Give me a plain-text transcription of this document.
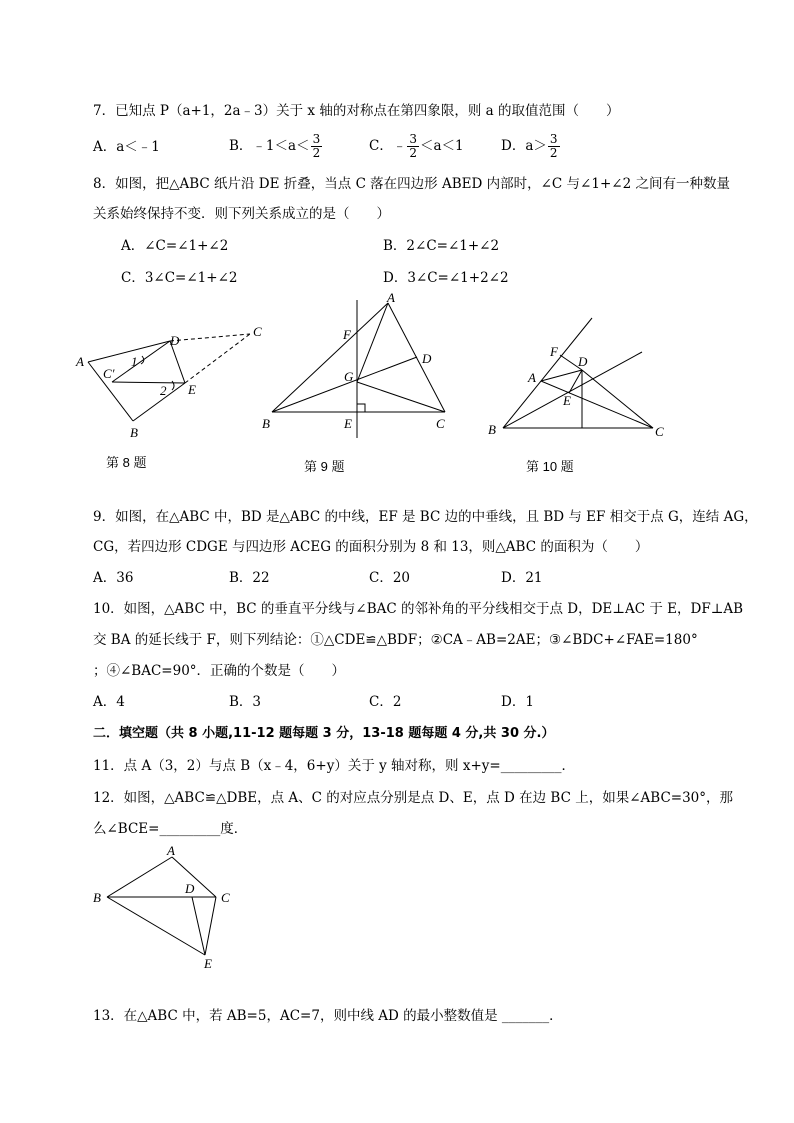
7．已知点 P（a+1，2a﹣3）关于 x 轴的对称点在第四象限，则 a 的取值范围（　　）
A．a＜﹣1	B．﹣1＜a＜ $\frac{3}{2}$	C．﹣ $\frac{3}{2} <a<1$	D．$a> \frac{3}{2}$
8．如图，把△ABC 纸片沿 DE 折叠，当点 C 落在四边形 ABED 内部时，∠C 与∠1+∠2 之间有一种数量
关系始终保持不变．则下列关系成立的是（　　）
A．∠C=∠1+∠2	B．2∠C=∠1+∠2
C．3∠C=∠1+∠2	D．3∠C=∠1+2∠2
A
B
C
D
E
C′
1
2
A
B	C
E
F
G
D
A
B	C
D
E
F
A
B	C
D
E
第 8 题	第 9 题	第 10 题
9．如图，在△ABC 中，BD 是△ABC 的中线，EF 是 BC 边的中垂线，且 BD 与 EF 相交于点 G，连结 AG，
CG，若四边形 CDGE 与四边形 ACEG 的面积分别为 8 和 13，则△ABC 的面积为（　　）
A．36	B．22	C．20	D．21
10．如图，△ABC 中，BC 的垂直平分线与∠BAC 的邻补角的平分线相交于点 D，DE⊥AC 于 E，DF⊥AB
交 BA 的延长线于 F，则下列结论：①△CDE≌△BDF；②CA﹣AB=2AE；③∠BDC+∠FAE=180°
；④∠BAC=90°．正确的个数是（　　）
A．4	B．3	C．2	D．1
二．填空题（共 8 小题,11-12 题每题 3 分，13-18 题每题 4 分,共 30 分.）
11．点 A（3，2）与点 B（x﹣4，6+y）关于 y 轴对称，则 x+y=_________．
12．如图，△ABC≌△DBE，点 A、C 的对应点分别是点 D、E，点 D 在边 BC 上，如果∠ABC=30°，那
么∠BCE=_________度．
13．在△ABC 中，若 AB=5，AC=7，则中线 AD 的最小整数值是 _______．
